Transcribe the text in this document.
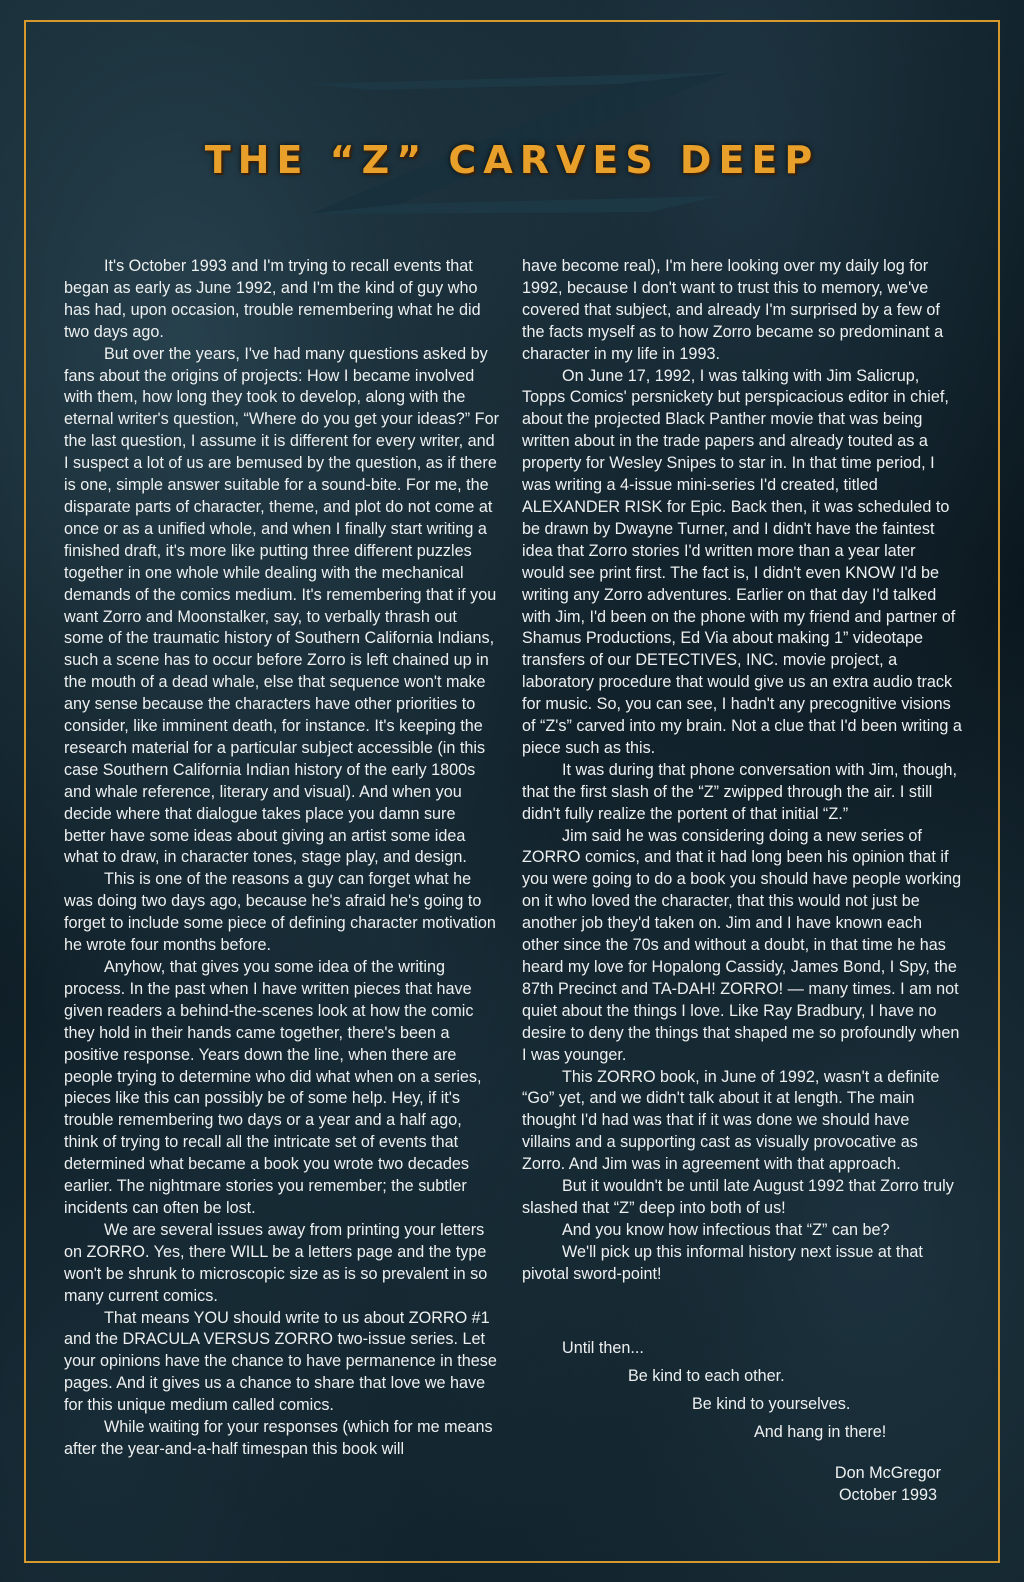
THE “Z” CARVES DEEP

It's October 1993 and I'm trying to recall events that began as early as June 1992, and I'm the kind of guy who has had, upon occasion, trouble remembering what he did two days ago.

But over the years, I've had many questions asked by fans about the origins of projects: How I became involved with them, how long they took to develop, along with the eternal writer's question, “Where do you get your ideas?” For the last question, I assume it is different for every writer, and I suspect a lot of us are bemused by the question, as if there is one, simple answer suitable for a sound-bite. For me, the disparate parts of character, theme, and plot do not come at once or as a unified whole, and when I finally start writing a finished draft, it's more like putting three different puzzles together in one whole while dealing with the mechanical demands of the comics medium. It's remembering that if you want Zorro and Moonstalker, say, to verbally thrash out some of the traumatic history of Southern California Indians, such a scene has to occur before Zorro is left chained up in the mouth of a dead whale, else that sequence won't make any sense because the characters have other priorities to consider, like imminent death, for instance. It's keeping the research material for a particular subject accessible (in this case Southern California Indian history of the early 1800s and whale reference, literary and visual). And when you decide where that dialogue takes place you damn sure better have some ideas about giving an artist some idea what to draw, in character tones, stage play, and design.

This is one of the reasons a guy can forget what he was doing two days ago, because he's afraid he's going to forget to include some piece of defining character motivation he wrote four months before.

Anyhow, that gives you some idea of the writing process. In the past when I have written pieces that have given readers a behind-the-scenes look at how the comic they hold in their hands came together, there's been a positive response. Years down the line, when there are people trying to determine who did what when on a series, pieces like this can possibly be of some help. Hey, if it's trouble remembering two days or a year and a half ago, think of trying to recall all the intricate set of events that determined what became a book you wrote two decades earlier. The nightmare stories you remember; the subtler incidents can often be lost.

We are several issues away from printing your letters on ZORRO. Yes, there WILL be a letters page and the type won't be shrunk to microscopic size as is so prevalent in so many current comics.

That means YOU should write to us about ZORRO #1 and the DRACULA VERSUS ZORRO two-issue series. Let your opinions have the chance to have permanence in these pages. And it gives us a chance to share that love we have for this unique medium called comics.

While waiting for your responses (which for me means after the year-and-a-half timespan this book will

have become real), I'm here looking over my daily log for 1992, because I don't want to trust this to memory, we've covered that subject, and already I'm surprised by a few of the facts myself as to how Zorro became so predominant a character in my life in 1993.

On June 17, 1992, I was talking with Jim Salicrup, Topps Comics' persnickety but perspicacious editor in chief, about the projected Black Panther movie that was being written about in the trade papers and already touted as a property for Wesley Snipes to star in. In that time period, I was writing a 4-issue mini-series I'd created, titled ALEXANDER RISK for Epic. Back then, it was scheduled to be drawn by Dwayne Turner, and I didn't have the faintest idea that Zorro stories I'd written more than a year later would see print first. The fact is, I didn't even KNOW I'd be writing any Zorro adventures. Earlier on that day I'd talked with Jim, I'd been on the phone with my friend and partner of Shamus Productions, Ed Via about making 1” videotape transfers of our DETECTIVES, INC. movie project, a laboratory procedure that would give us an extra audio track for music. So, you can see, I hadn't any precognitive visions of “Z's” carved into my brain. Not a clue that I'd been writing a piece such as this.

It was during that phone conversation with Jim, though, that the first slash of the “Z” zwipped through the air. I still didn't fully realize the portent of that initial “Z.”

Jim said he was considering doing a new series of ZORRO comics, and that it had long been his opinion that if you were going to do a book you should have people working on it who loved the character, that this would not just be another job they'd taken on. Jim and I have known each other since the 70s and without a doubt, in that time he has heard my love for Hopalong Cassidy, James Bond, I Spy, the 87th Precinct and TA-DAH! ZORRO! — many times. I am not quiet about the things I love. Like Ray Bradbury, I have no desire to deny the things that shaped me so profoundly when I was younger.

This ZORRO book, in June of 1992, wasn't a definite “Go” yet, and we didn't talk about it at length. The main thought I'd had was that if it was done we should have villains and a supporting cast as visually provocative as Zorro. And Jim was in agreement with that approach.

But it wouldn't be until late August 1992 that Zorro truly slashed that “Z” deep into both of us!

And you know how infectious that “Z” can be?

We'll pick up this informal history next issue at that pivotal sword-point!

Until then...
Be kind to each other.
Be kind to yourselves.
And hang in there!
Don McGregor
October 1993
